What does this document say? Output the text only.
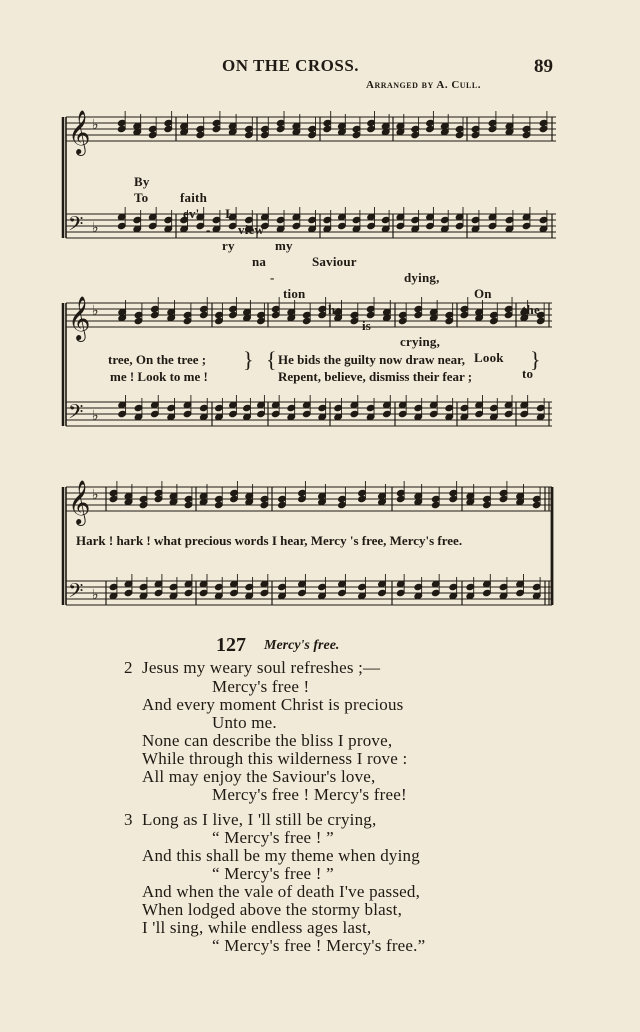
ON THE CROSS.	89
Arranged by A. Cull.
𝄞
𝄢
♭
♭
𝄞
𝄢
♭
♭
𝄞
𝄢
♭
♭

By

faith

I

view

my

Saviour

dying,

On

the

To

ev'

-

ry

na

-

tion

he

is

crying,

Look

to

tree, On the tree ;
me ! Look to me !
} { He bids the guilty now draw near,
Repent, believe, dismiss their fear ;
}
Hark ! hark ! what precious words I hear, Mercy 's free, Mercy's free.
127 Mercy's free.
2 Jesus my weary soul refreshes ;—
Mercy's free !
And every moment Christ is precious
Unto me.
None can describe the bliss I prove,
While through this wilderness I rove :
All may enjoy the Saviour's love,
Mercy's free ! Mercy's free!
3 Long as I live, I 'll still be crying,
“ Mercy's free ! ”
And this shall be my theme when dying
“ Mercy's free ! ”
And when the vale of death I've passed,
When lodged above the stormy blast,
I 'll sing, while endless ages last,
“ Mercy's free ! Mercy's free.”
